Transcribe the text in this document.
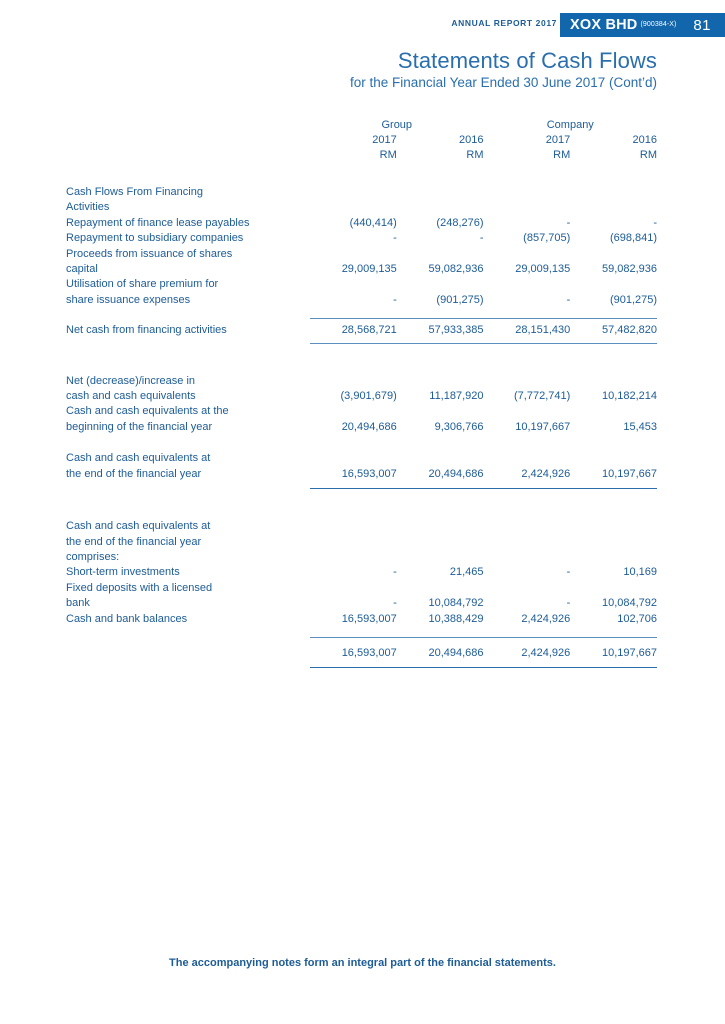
ANNUAL REPORT 2017 XOX BHD (900384-X) 81
Statements of Cash Flows
for the Financial Year Ended 30 June 2017 (Cont’d)
	Group		Company	
	2017	2016	2017	2016
	RM	RM	RM	RM

Cash Flows From Financing				
Activities				
Repayment of finance lease payables	(440,414)	(248,276)	-	-
Repayment to subsidiary companies	-	-	(857,705)	(698,841)
Proceeds from issuance of shares				
capital	29,009,135	59,082,936	29,009,135	59,082,936
Utilisation of share premium for				
share issuance expenses	-	(901,275)	-	(901,275)

Net cash from financing activities	28,568,721	57,933,385	28,151,430	57,482,820

Net (decrease)/increase in				
cash and cash equivalents	(3,901,679)	11,187,920	(7,772,741)	10,182,214
Cash and cash equivalents at the				
beginning of the financial year	20,494,686	9,306,766	10,197,667	15,453

Cash and cash equivalents at				
the end of the financial year	16,593,007	20,494,686	2,424,926	10,197,667

Cash and cash equivalents at				
the end of the financial year				
comprises:				
Short-term investments	-	21,465	-	10,169
Fixed deposits with a licensed				
bank	-	10,084,792	-	10,084,792
Cash and bank balances	16,593,007	10,388,429	2,424,926	102,706

	16,593,007	20,494,686	2,424,926	10,197,667

The accompanying notes form an integral part of the financial statements.
